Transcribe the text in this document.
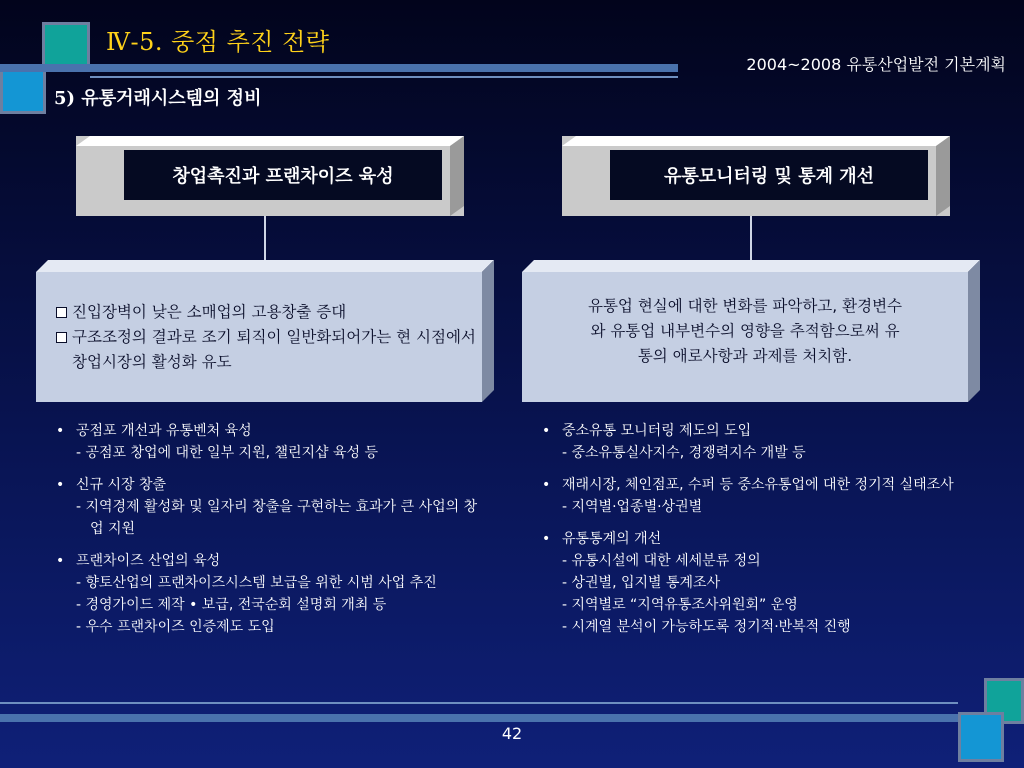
Ⅳ-5. 중점 추진 전략
2004~2008 유통산업발전 기본계획
5) 유통거래시스템의 정비
창업촉진과 프랜차이즈 육성	유통모니터링 및 통계 개선
진입장벽이 낮은 소매업의 고용창출 증대
구조조정의 결과로 조기 퇴직이 일반화되어가는 현 시점에서 창업시장의 활성화 유도
유통업 현실에 대한 변화를 파악하고, 환경변수
와 유통업 내부변수의 영향을 추적함으로써 유
통의 애로사항과 과제를 처치함.
• 공점포 개선과 유통벤처 육성
- 공점포 창업에 대한 일부 지원, 챌린지샵 육성 등
• 신규 시장 창출
- 지역경제 활성화 및 일자리 창출을 구현하는 효과가 큰 사업의 창업 지원
• 프랜차이즈 산업의 육성
- 향토산업의 프랜차이즈시스템 보급을 위한 시범 사업 추진
- 경영가이드 제작 • 보급, 전국순회 설명회 개최 등
- 우수 프랜차이즈 인증제도 도입
• 중소유통 모니터링 제도의 도입
- 중소유통실사지수, 경쟁력지수 개발 등
• 재래시장, 체인점포, 수퍼 등 중소유통업에 대한 정기적 실태조사
- 지역별·업종별·상권별
• 유통통계의 개선
- 유통시설에 대한 세세분류 정의
- 상권별, 입지별 통계조사
- 지역별로 “지역유통조사위원회” 운영
- 시계열 분석이 가능하도록 정기적·반복적 진행
42
